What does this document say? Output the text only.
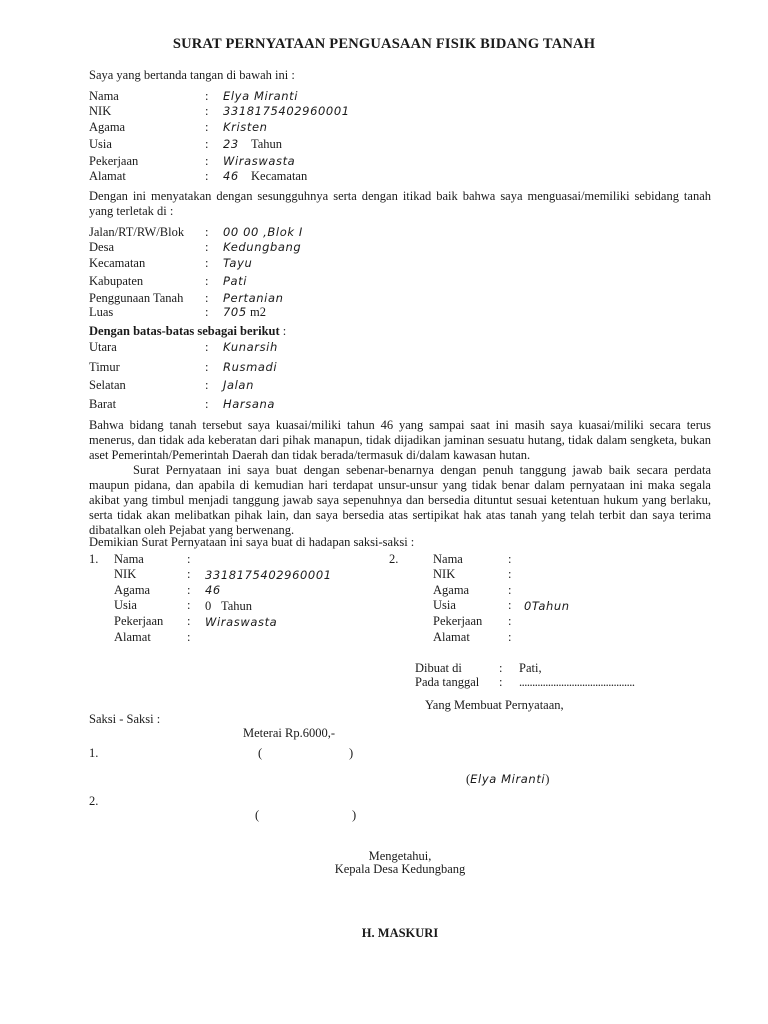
SURAT PERNYATAAN PENGUASAAN FISIK BIDANG TANAH
Saya yang bertanda tangan di bawah ini :
Nama	: Elya Miranti
NIK	: 3318175402960001
Agama	: Kristen
Usia	: 23 Tahun
Pekerjaan	: Wiraswasta
Alamat	: 46 Kecamatan
Dengan ini menyatakan dengan sesungguhnya serta dengan itikad baik bahwa saya menguasai/memiliki sebidang tanah yang terletak di :
Jalan/RT/RW/Blok : 00 00 ,Blok I
Desa	: Kedungbang
Kecamatan	: Tayu
Kabupaten	: Pati
Penggunaan Tanah : Pertanian
Luas	: 705 m2
Dengan batas-batas sebagai berikut :
Utara	: Kunarsih
Timur	: Rusmadi
Selatan	: Jalan
Barat	: Harsana
Bahwa bidang tanah tersebut saya kuasai/miliki tahun 46 yang sampai saat ini masih saya kuasai/miliki secara terus menerus, dan tidak ada keberatan dari pihak manapun, tidak dijadikan jaminan sesuatu hutang, tidak dalam sengketa, bukan aset Pemerintah/Pemerintah Daerah dan tidak berada/termasuk di/dalam kawasan hutan.
Surat Pernyataan ini saya buat dengan sebenar-benarnya dengan penuh tanggung jawab baik secara perdata maupun pidana, dan apabila di kemudian hari terdapat unsur-unsur yang tidak benar dalam pernyataan ini maka segala akibat yang timbul menjadi tanggung jawab saya sepenuhnya dan bersedia dituntut sesuai ketentuan hukum yang berlaku, serta tidak akan melibatkan pihak lain, dan saya bersedia atas sertipikat hak atas tanah yang telah terbit dan saya terima dibatalkan oleh Pejabat yang berwenang.
Demikian Surat Pernyataan ini saya buat di hadapan saksi-saksi :
1. Nama	:
NIK	: 3318175402960001
Agama	: 46
Usia	: 0 Tahun
Pekerjaan : Wiraswasta
Alamat	:
2.	Nama	:
NIK	:
Agama	:
Usia	: 0Tahun
Pekerjaan :
Alamat	:
Dibuat di	: Pati,
Pada tanggal : ............................................
Yang Membuat Pernyataan,
Saksi - Saksi :
Meterai Rp.6000,-
1.	(	)
(Elya Miranti)
2.
(	)
Mengetahui,
Kepala Desa Kedungbang
H. MASKURI
